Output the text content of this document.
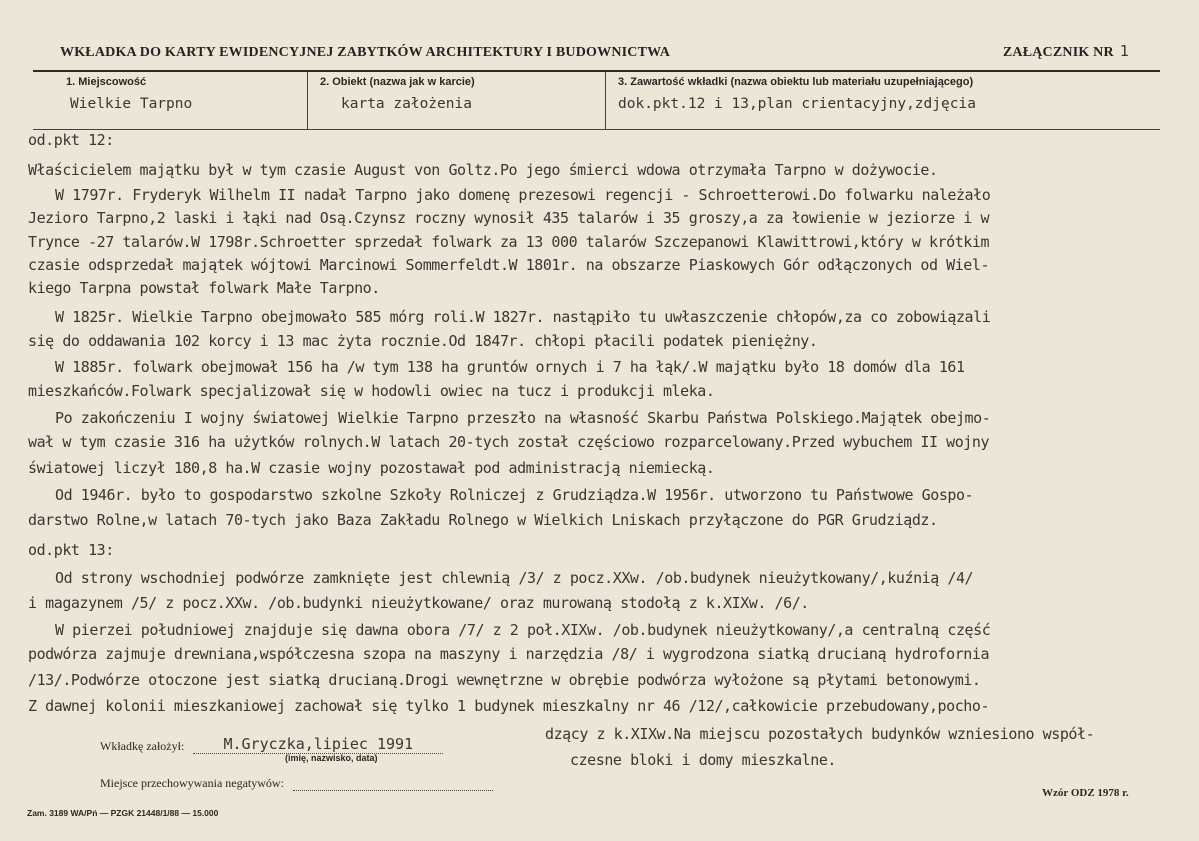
WKŁADKA DO KARTY EWIDENCYJNEJ ZABYTKÓW ARCHITEKTURY I BUDOWNICTWA	ZAŁĄCZNIK NR 1
1. Miejscowość
Wielkie Tarpno
2. Obiekt (nazwa jak w karcie)
karta założenia
3. Zawartość wkładki (nazwa obiektu lub materiału uzupełniającego)
dok.pkt.12 i 13,plan crientacyjny,zdjęcia
od.pkt 12:
Właścicielem majątku był w tym czasie August von Goltz.Po jego śmierci wdowa otrzymała Tarpno w dożywocie.
W 1797r. Fryderyk Wilhelm II nadał Tarpno jako domenę prezesowi regencji - Schroetterowi.Do folwarku należało
Jezioro Tarpno,2 laski i łąki nad Osą.Czynsz roczny wynosił 435 talarów i 35 groszy,a za łowienie w jeziorze i w
Trynce -27 talarów.W 1798r.Schroetter sprzedał folwark za 13 000 talarów Szczepanowi Klawittrowi,który w krótkim
czasie odsprzedał majątek wójtowi Marcinowi Sommerfeldt.W 1801r. na obszarze Piaskowych Gór odłączonych od Wiel-
kiego Tarpna powstał folwark Małe Tarpno.
W 1825r. Wielkie Tarpno obejmowało 585 mórg roli.W 1827r. nastąpiło tu uwłaszczenie chłopów,za co zobowiązali
się do oddawania 102 korcy i 13 mac żyta rocznie.Od 1847r. chłopi płacili podatek pieniężny.
W 1885r. folwark obejmował 156 ha /w tym 138 ha gruntów ornych i 7 ha łąk/.W majątku było 18 domów dla 161
mieszkańców.Folwark specjalizował się w hodowli owiec na tucz i produkcji mleka.
Po zakończeniu I wojny światowej Wielkie Tarpno przeszło na własność Skarbu Państwa Polskiego.Majątek obejmo-
wał w tym czasie 316 ha użytków rolnych.W latach 20-tych został częściowo rozparcelowany.Przed wybuchem II wojny
światowej liczył 180,8 ha.W czasie wojny pozostawał pod administracją niemiecką.
Od 1946r. było to gospodarstwo szkolne Szkoły Rolniczej z Grudziądza.W 1956r. utworzono tu Państwowe Gospo-
darstwo Rolne,w latach 70-tych jako Baza Zakładu Rolnego w Wielkich Lniskach przyłączone do PGR Grudziądz.
od.pkt 13:
Od strony wschodniej podwórze zamknięte jest chlewnią /3/ z pocz.XXw. /ob.budynek nieużytkowany/,kuźnią /4/
i magazynem /5/ z pocz.XXw. /ob.budynki nieużytkowane/ oraz murowaną stodołą z k.XIXw. /6/.
W pierzei południowej znajduje się dawna obora /7/ z 2 poł.XIXw. /ob.budynek nieużytkowany/,a centralną część
podwórza zajmuje drewniana,współczesna szopa na maszyny i narzędzia /8/ i wygrodzona siatką drucianą hydrofornia
/13/.Podwórze otoczone jest siatką drucianą.Drogi wewnętrzne w obrębie podwórza wyłożone są płytami betonowymi.
Z dawnej kolonii mieszkaniowej zachował się tylko 1 budynek mieszkalny nr 46 /12/,całkowicie przebudowany,pocho-
dzący z k.XIXw.Na miejscu pozostałych budynków wzniesiono współ-
czesne bloki i domy mieszkalne.
Wkładkę założył:	M.Gryczka,lipiec 1991
(imię, nazwisko, data)
Miejsce przechowywania negatywów:
Wzór ODZ 1978 r.
Zam. 3189 WA/Pń — PZGK 21448/1/88 — 15.000
